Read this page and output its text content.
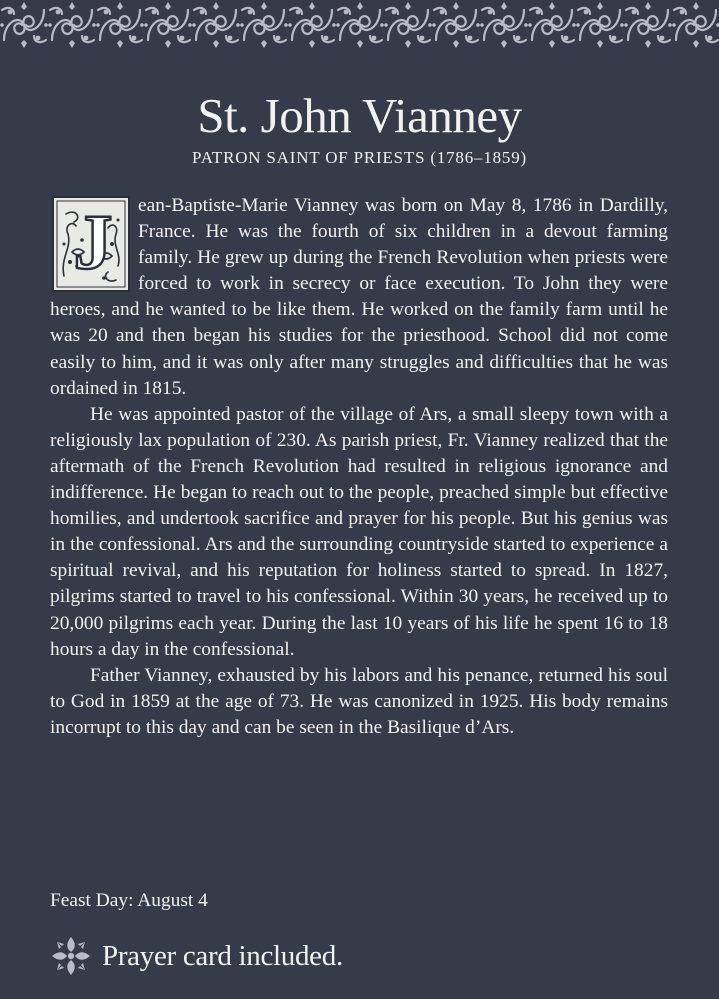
St. John Vianney
PATRON SAINT OF PRIESTS (1786–1859)

J ean-Baptiste-Marie Vianney was born on May 8, 1786 in Dardilly, France. He was the fourth of six children in a devout farming family. He grew up during the French Revolution when priests were forced to work in secrecy or face execution. To John they were heroes, and he wanted to be like them. He worked on the family farm until he was 20 and then began his studies for the priesthood. School did not come easily to him, and it was only after many struggles and difficulties that he was ordained in 1815.

He was appointed pastor of the village of Ars, a small sleepy town with a religiously lax population of 230. As parish priest, Fr. Vianney realized that the aftermath of the French Revolution had resulted in religious ignorance and indifference. He began to reach out to the people, preached simple but effective homilies, and undertook sacrifice and prayer for his people. But his genius was in the confessional. Ars and the surrounding countryside started to experience a spiritual revival, and his reputation for holiness started to spread. In 1827, pilgrims started to travel to his confessional. Within 30 years, he received up to 20,000 pilgrims each year. During the last 10 years of his life he spent 16 to 18 hours a day in the confessional.

Father Vianney, exhausted by his labors and his penance, returned his soul to God in 1859 at the age of 73. He was canonized in 1925. His body remains incorrupt to this day and can be seen in the Basilique d’Ars.

Feast Day: August 4
Prayer card included.
